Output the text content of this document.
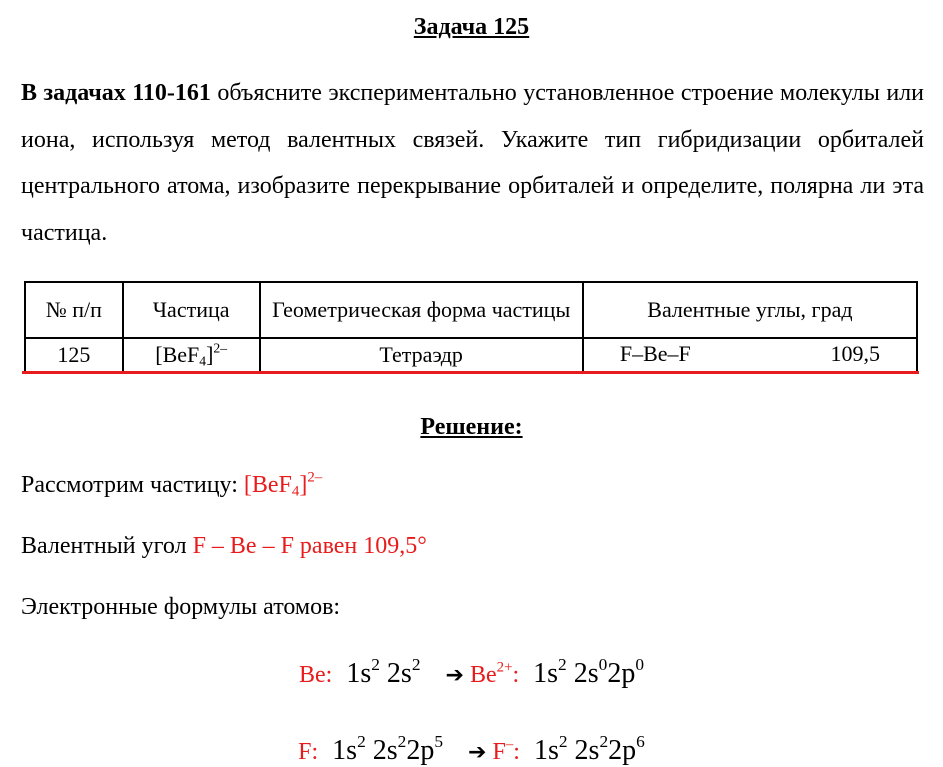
Задача 125
В задачах 110-161 объясните экспериментально установленное строение молекулы или иона, используя метод валентных связей. Укажите тип гибридизации орбиталей центрального атома, изобразите перекрывание орбиталей и определите, полярна ли эта частица.
№ п/п	Частица	Геометрическая форма частицы	Валентные углы, град
125	$[BeF_4]^{2-}$	Тетраэдр	F–Be–F 109,5
Решение:
Рассмотрим частицу: $[BeF_4]^{2-}$
Валентный угол F – Be – F равен 109,5°
Электронные формулы атомов:
Be: $1s^2$ $2s^2$ ➔ $Be^{2+}$: $1s^2$ $2s^02p^0$
F: $1s^2$ $2s^22p^5$ ➔ F–: $1s^2$ $2s^22p^6$
